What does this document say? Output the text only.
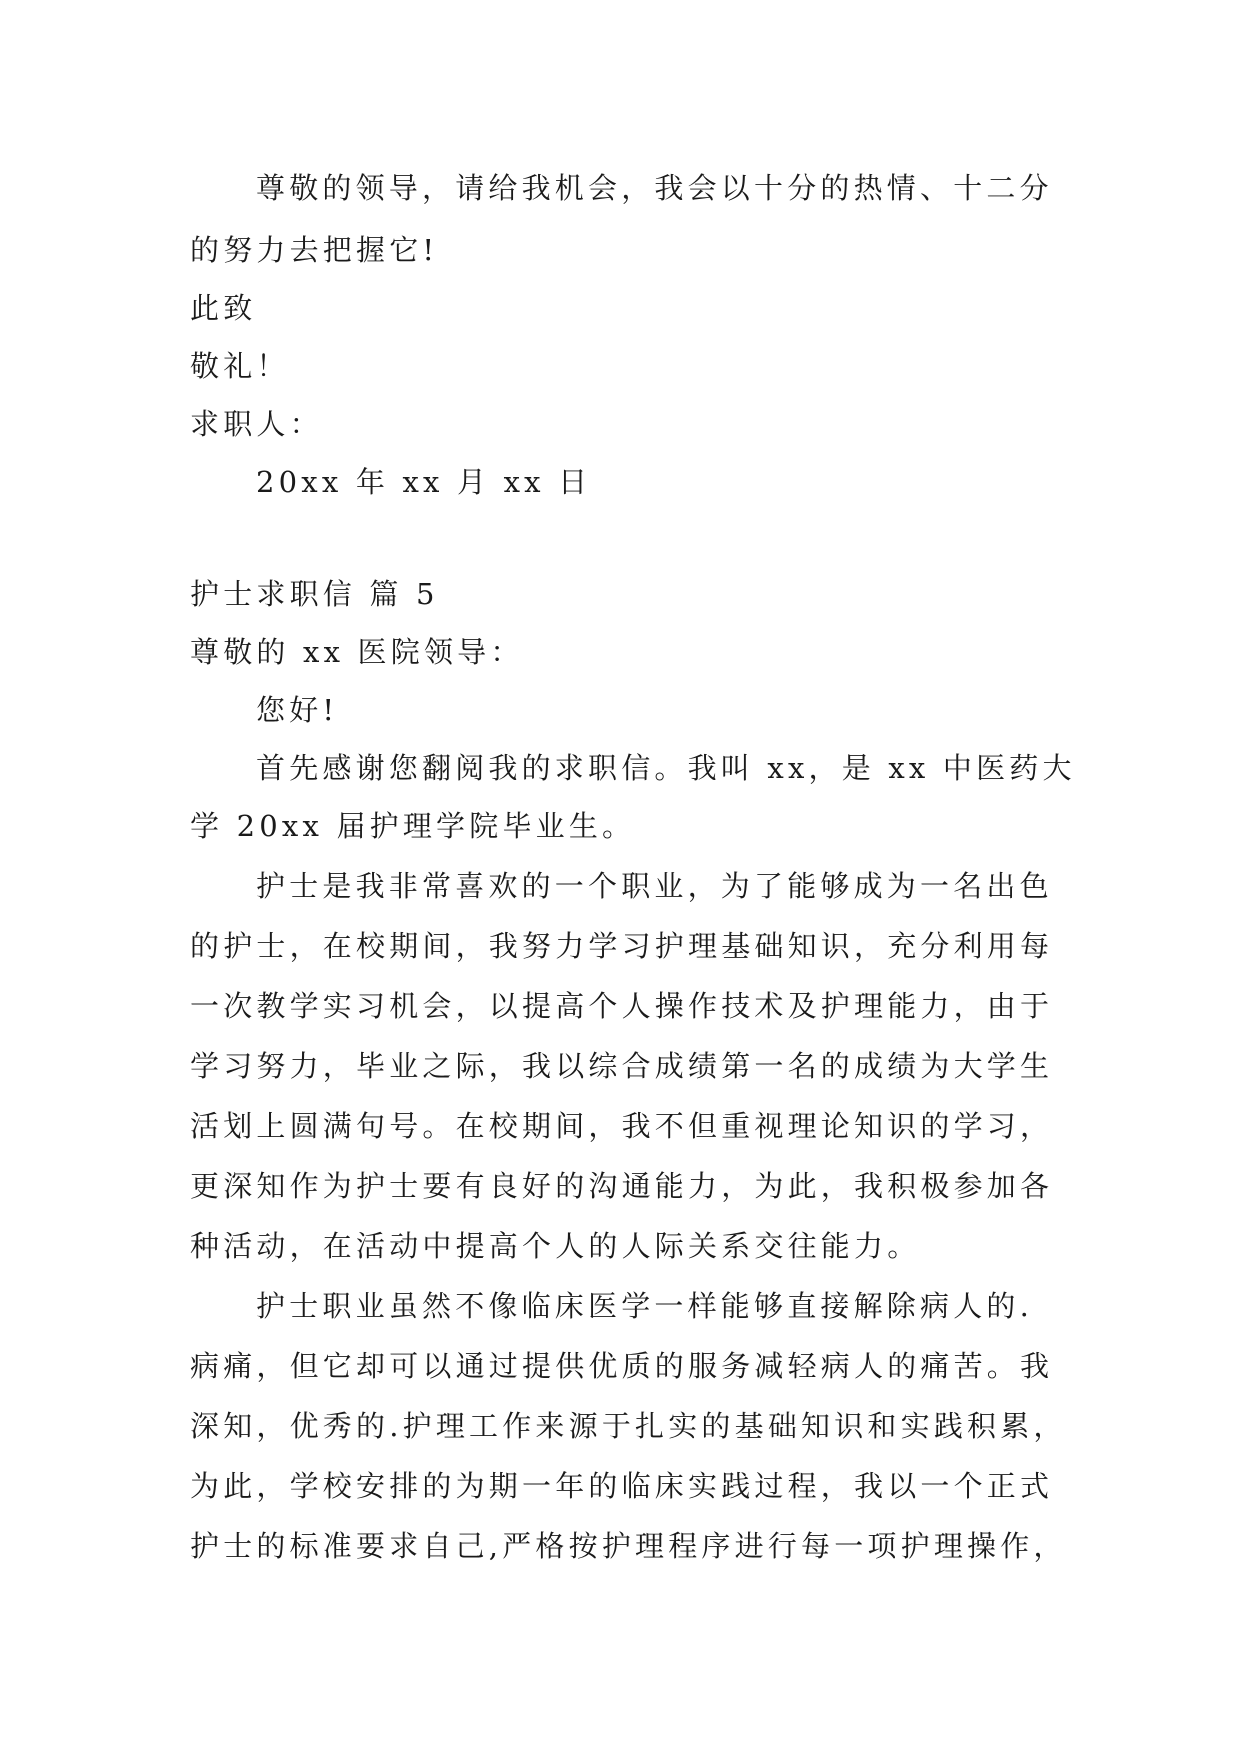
尊敬的领导，请给我机会，我会以十分的热情、十二分
的努力去把握它!
此致
敬礼！
求职人：
20xx 年 xx 月 xx 日
护士求职信 篇 5
尊敬的 xx 医院领导：
您好!
首先感谢您翻阅我的求职信。我叫 xx，是 xx 中医药大
学 20xx 届护理学院毕业生。
护士是我非常喜欢的一个职业，为了能够成为一名出色
的护士，在校期间，我努力学习护理基础知识，充分利用每
一次教学实习机会，以提高个人操作技术及护理能力，由于
学习努力，毕业之际，我以综合成绩第一名的成绩为大学生
活划上圆满句号。在校期间，我不但重视理论知识的学习，
更深知作为护士要有良好的沟通能力，为此，我积极参加各
种活动，在活动中提高个人的人际关系交往能力。
护士职业虽然不像临床医学一样能够直接解除病人的.
病痛，但它却可以通过提供优质的服务减轻病人的痛苦。我
深知，优秀的.护理工作来源于扎实的基础知识和实践积累，
为此，学校安排的为期一年的临床实践过程，我以一个正式
护士的标准要求自己,严格按护理程序进行每一项护理操作，
